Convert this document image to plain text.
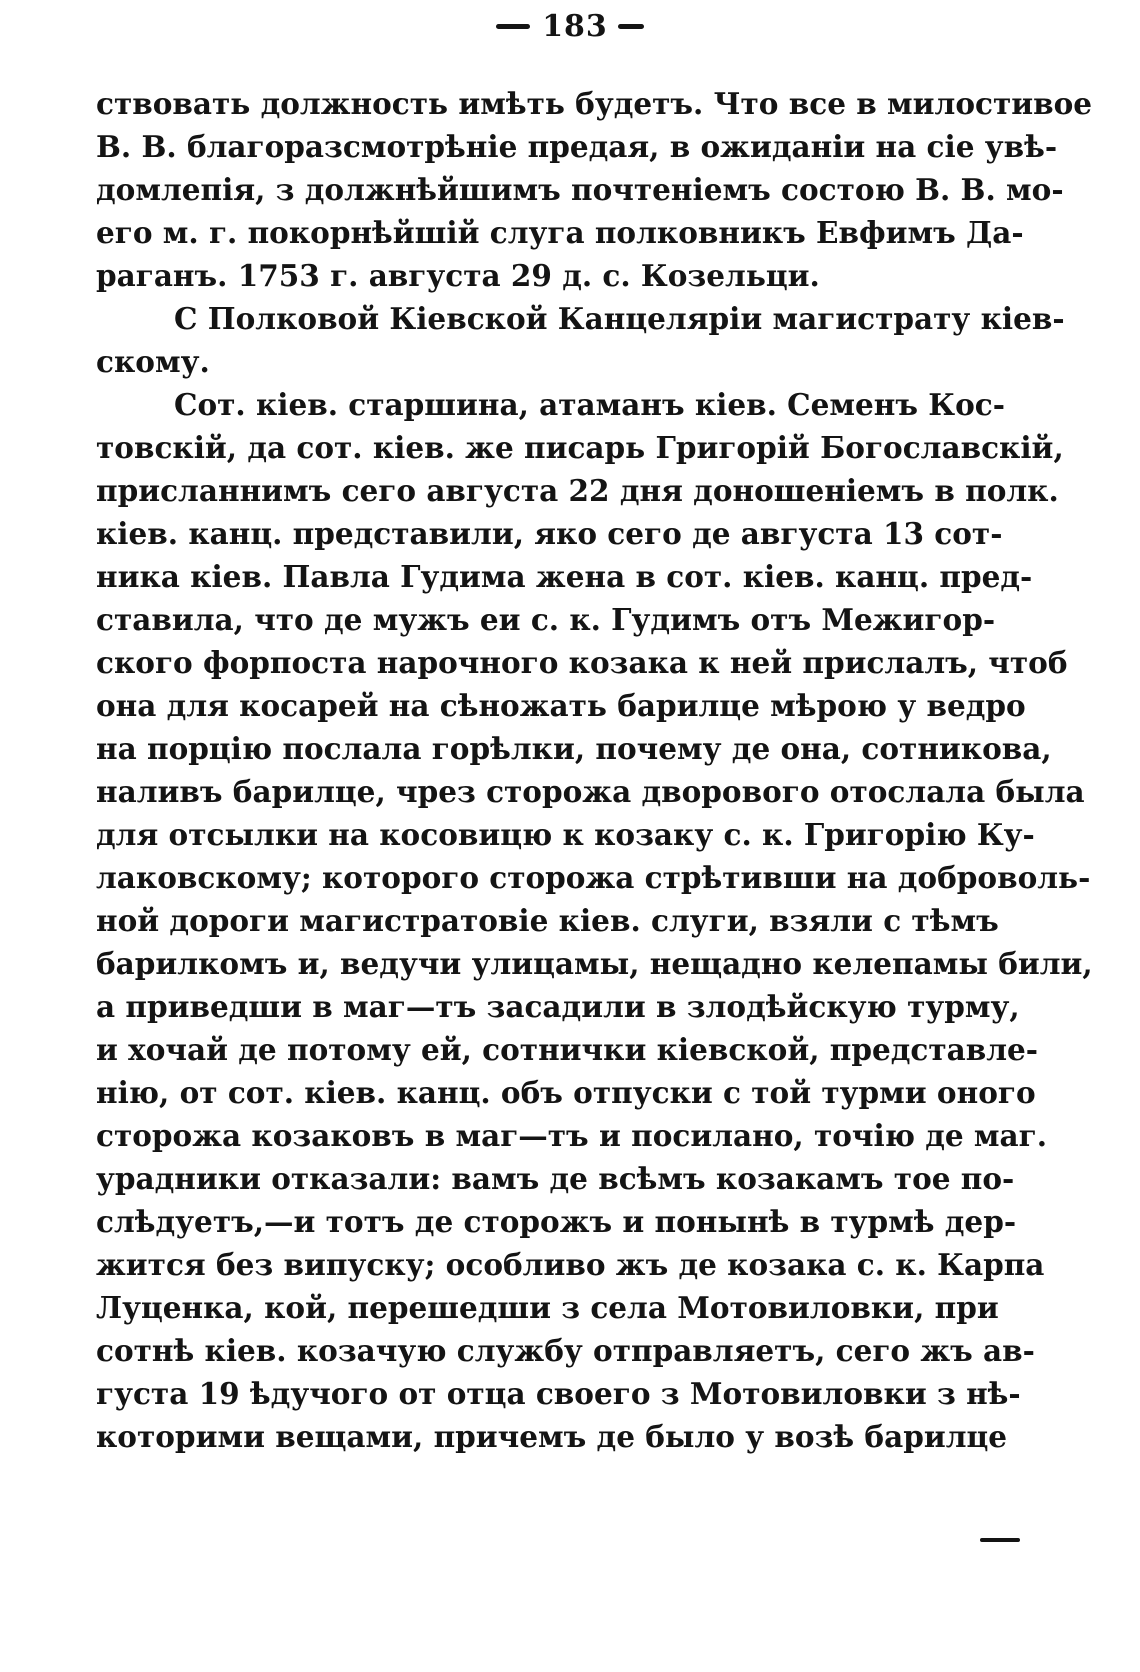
183
ствовать должность имѣть будетъ. Что все в милостивое
В. В. благоразсмотрѣніе предая, в ожиданіи на сіе увѣ-
домлепія, з должнѣйшимъ почтеніемъ состою В. В. мо-
его м. г. покорнѣйшій слуга полковникъ Евфимъ Да-
раганъ. 1753 г. августа 29 д. с. Козельци.
С Полковой Кіевской Канцеляріи магистрату кіев-
скому.
Сот. кіев. старшина, атаманъ кіев. Семенъ Кос-
товскій, да сот. кіев. же писарь Григорій Богославскій,
присланнимъ сего августа 22 дня доношеніемъ в полк.
кіев. канц. представили, яко сего де августа 13 сот-
ника кіев. Павла Гудима жена в сот. кіев. канц. пред-
ставила, что де мужъ еи с. к. Гудимъ отъ Межигор-
ского форпоста нарочного козака к ней прислалъ, чтоб
она для косарей на сѣножать барилце мѣрою у ведро
на порцію послала горѣлки, почему де она, сотникова,
наливъ барилце, чрез сторожа дворового отослала была
для отсылки на косовицю к козаку с. к. Григорію Ку-
лаковскому; которого сторожа стрѣтивши на доброволь-
ной дороги магистратовіе кіев. слуги, взяли с тѣмъ
барилкомъ и, ведучи улицамы, нещадно келепамы били,
а приведши в маг—тъ засадили в злодѣйскую турму,
и хочай де потому ей, сотнички кіевской, представле-
нію, от сот. кіев. канц. объ отпуски с той турми оного
сторожа козаковъ в маг—тъ и посилано, точію де маг.
урадники отказали: вамъ де всѣмъ козакамъ тое по-
слѣдуетъ,—и тотъ де сторожъ и понынѣ в турмѣ дер-
жится без випуску; особливо жъ де козака с. к. Карпа
Луценка, кой, перешедши з села Мотовиловки, при
сотнѣ кіев. козачую службу отправляетъ, сего жъ ав-
густа 19 ѣдучого от отца своего з Мотовиловки з нѣ-
которими вещами, причемъ де было у возѣ барилце
